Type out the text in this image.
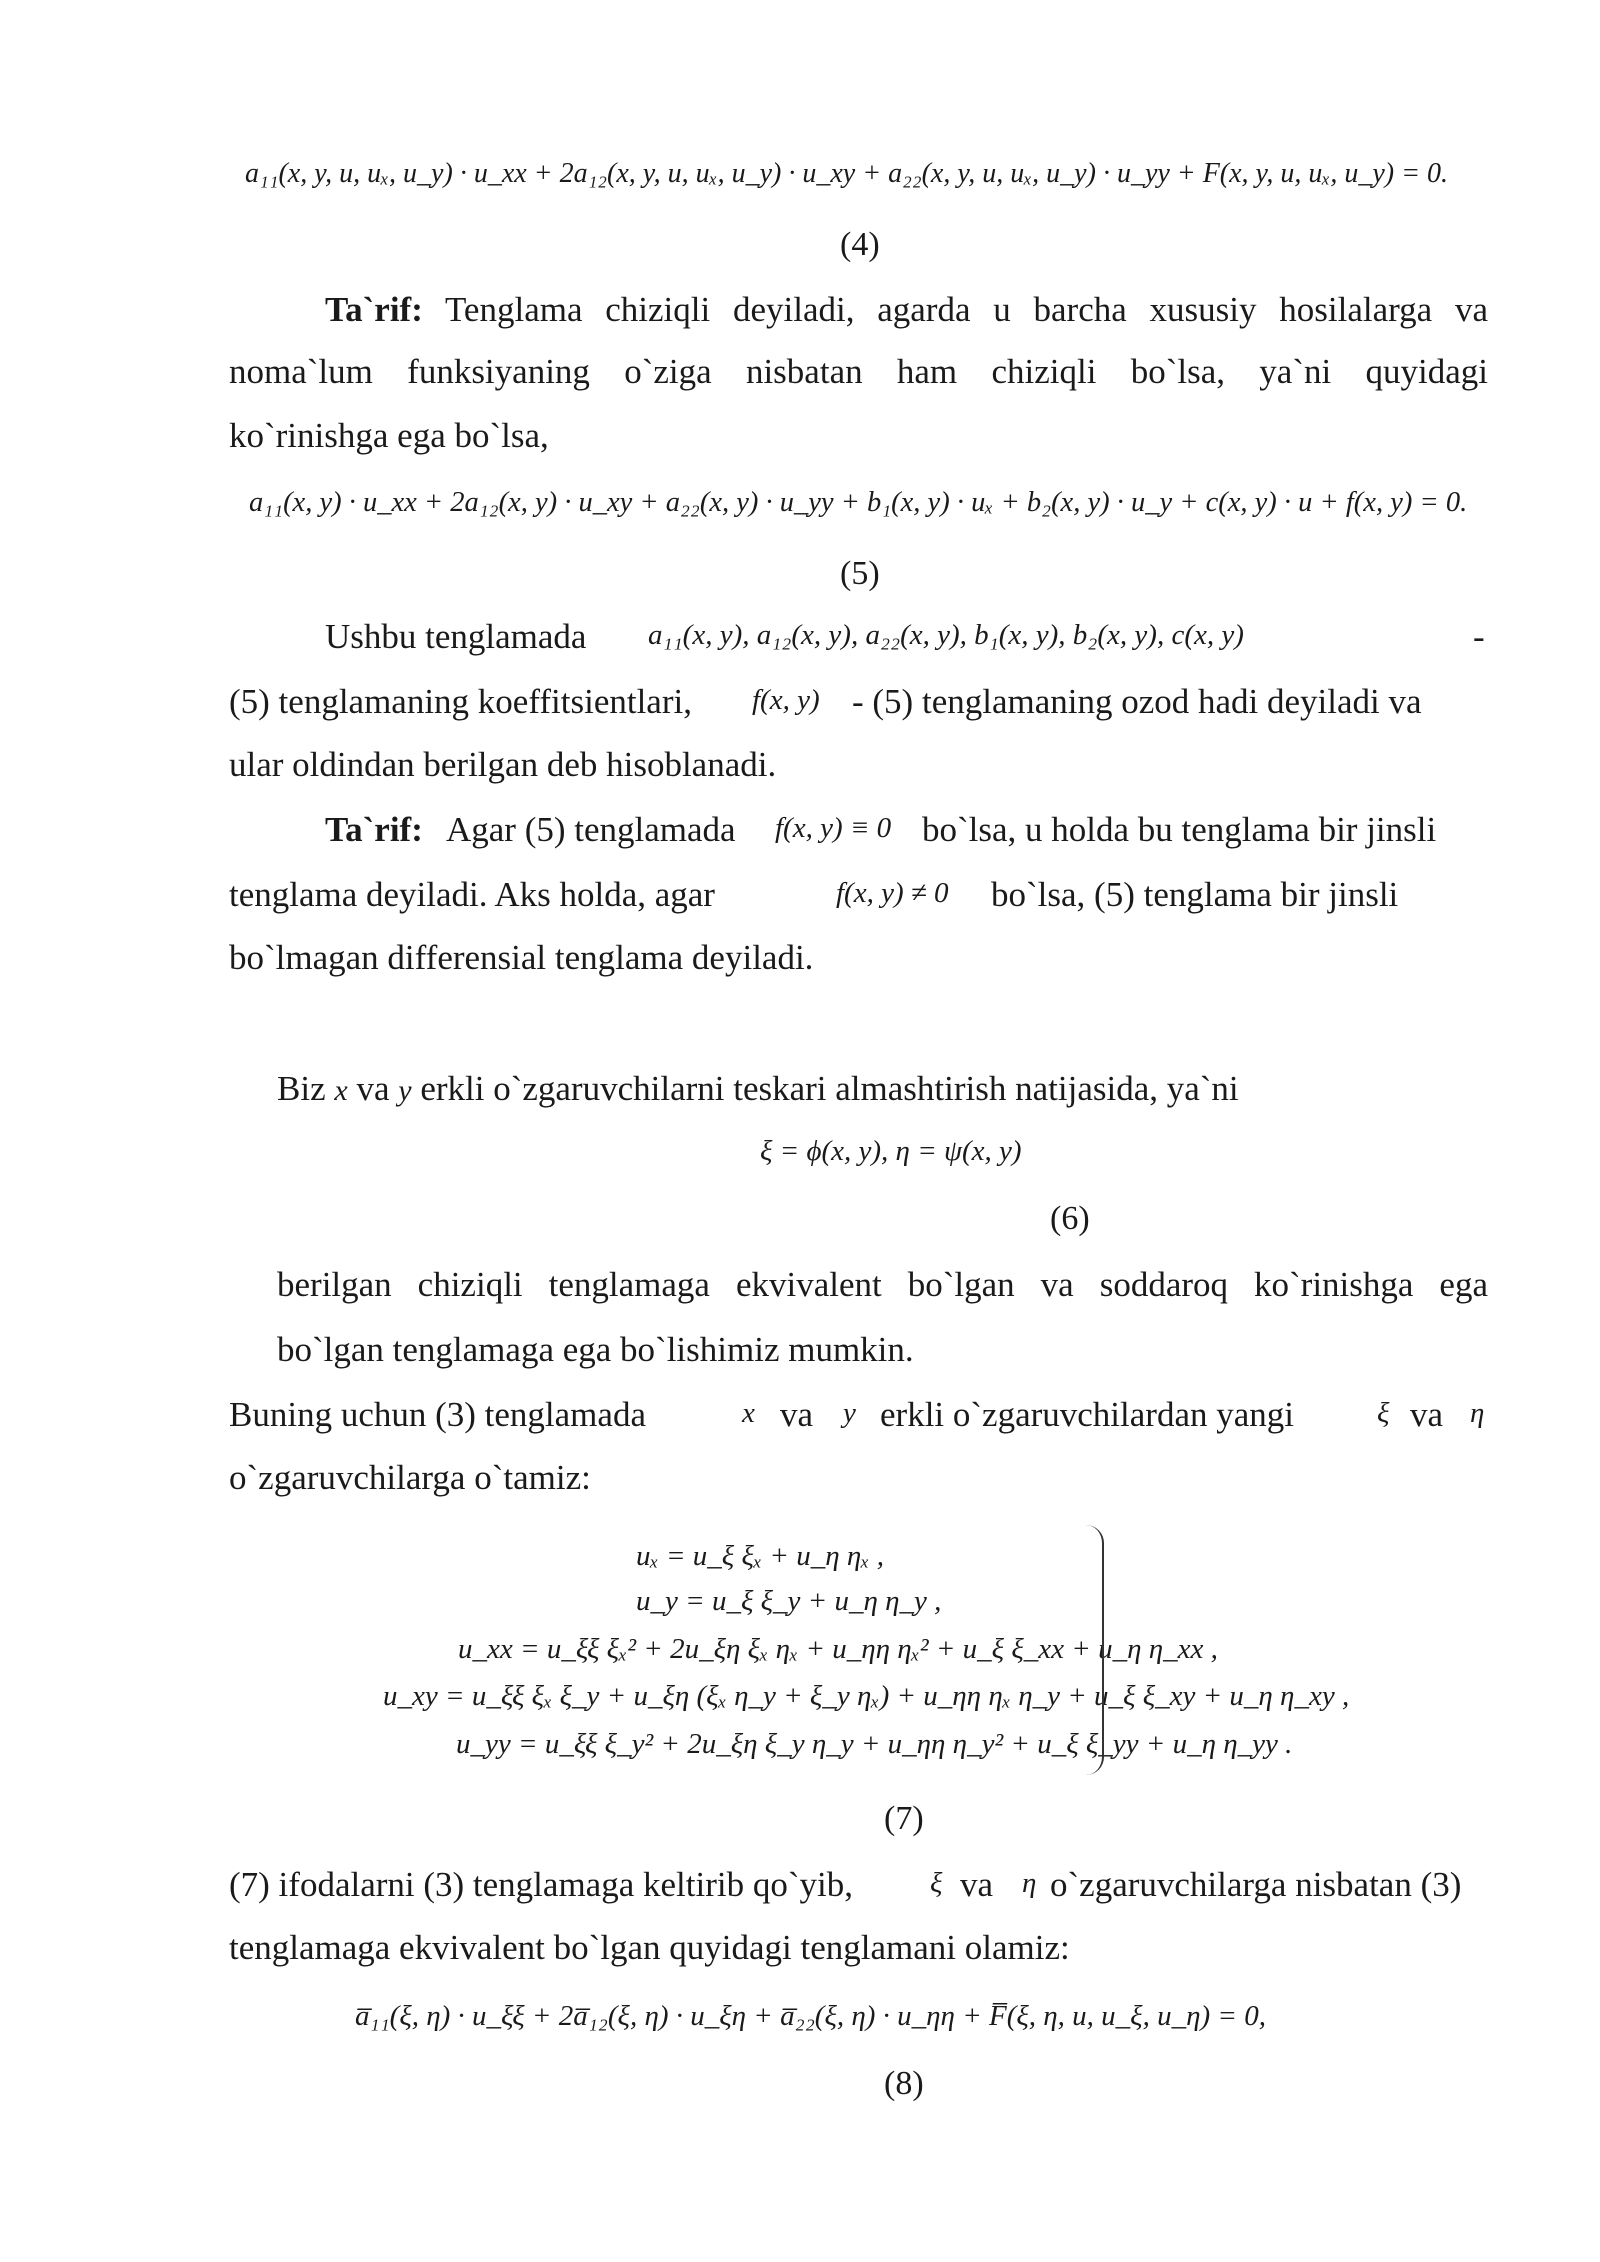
a₁₁(x, y, u, uₓ, u_y) · u_xx + 2a₁₂(x, y, u, uₓ, u_y) · u_xy + a₂₂(x, y, u, uₓ, u_y) · u_yy + F(x, y, u, uₓ, u_y) = 0.
(4)
Ta`rif: Tenglama chiziqli deyiladi, agarda u barcha xususiy hosilalarga va
noma`lum funksiyaning o`ziga nisbatan ham chiziqli bo`lsa, ya`ni quyidagi
ko`rinishga ega bo`lsa,
a₁₁(x, y) · u_xx + 2a₁₂(x, y) · u_xy + a₂₂(x, y) · u_yy + b₁(x, y) · uₓ + b₂(x, y) · u_y + c(x, y) · u + f(x, y) = 0.
(5)
Ushbu tenglamada a₁₁(x, y), a₁₂(x, y), a₂₂(x, y), b₁(x, y), b₂(x, y), c(x, y)	-
(5) tenglamaning koeffitsientlari, f(x, y) - (5) tenglamaning ozod hadi deyiladi va
ular oldindan berilgan deb hisoblanadi.
Ta`rif: Agar (5) tenglamada f(x, y) ≡ 0 bo`lsa, u holda bu tenglama bir jinsli
tenglama deyiladi. Aks holda, agar	f(x, y) ≠ 0 bo`lsa, (5) tenglama bir jinsli
bo`lmagan differensial tenglama deyiladi.
Biz x va y erkli o`zgaruvchilarni teskari almashtirish natijasida, ya`ni
ξ = ϕ(x, y), η = ψ(x, y)
(6)
berilgan chiziqli tenglamaga ekvivalent bo`lgan va soddaroq ko`rinishga ega
bo`lgan tenglamaga ega bo`lishimiz mumkin.
Buning uchun (3) tenglamada	x va y erkli o`zgaruvchilardan yangi	ξ va η
o`zgaruvchilarga o`tamiz:
uₓ = u_ξ ξₓ + u_η ηₓ ,
u_y = u_ξ ξ_y + u_η η_y ,
u_xx = u_ξξ ξₓ² + 2u_ξη ξₓ ηₓ + u_ηη ηₓ² + u_ξ ξ_xx + u_η η_xx ,
u_xy = u_ξξ ξₓ ξ_y + u_ξη (ξₓ η_y + ξ_y ηₓ) + u_ηη ηₓ η_y + u_ξ ξ_xy + u_η η_xy ,
u_yy = u_ξξ ξ_y² + 2u_ξη ξ_y η_y + u_ηη η_y² + u_ξ ξ_yy + u_η η_yy .
(7)
(7) ifodalarni (3) tenglamaga keltirib qo`yib,	ξ va η o`zgaruvchilarga nisbatan (3)
tenglamaga ekvivalent bo`lgan quyidagi tenglamani olamiz:
a̅₁₁(ξ, η) · u_ξξ + 2a̅₁₂(ξ, η) · u_ξη + a̅₂₂(ξ, η) · u_ηη + F̅(ξ, η, u, u_ξ, u_η) = 0,
(8)
